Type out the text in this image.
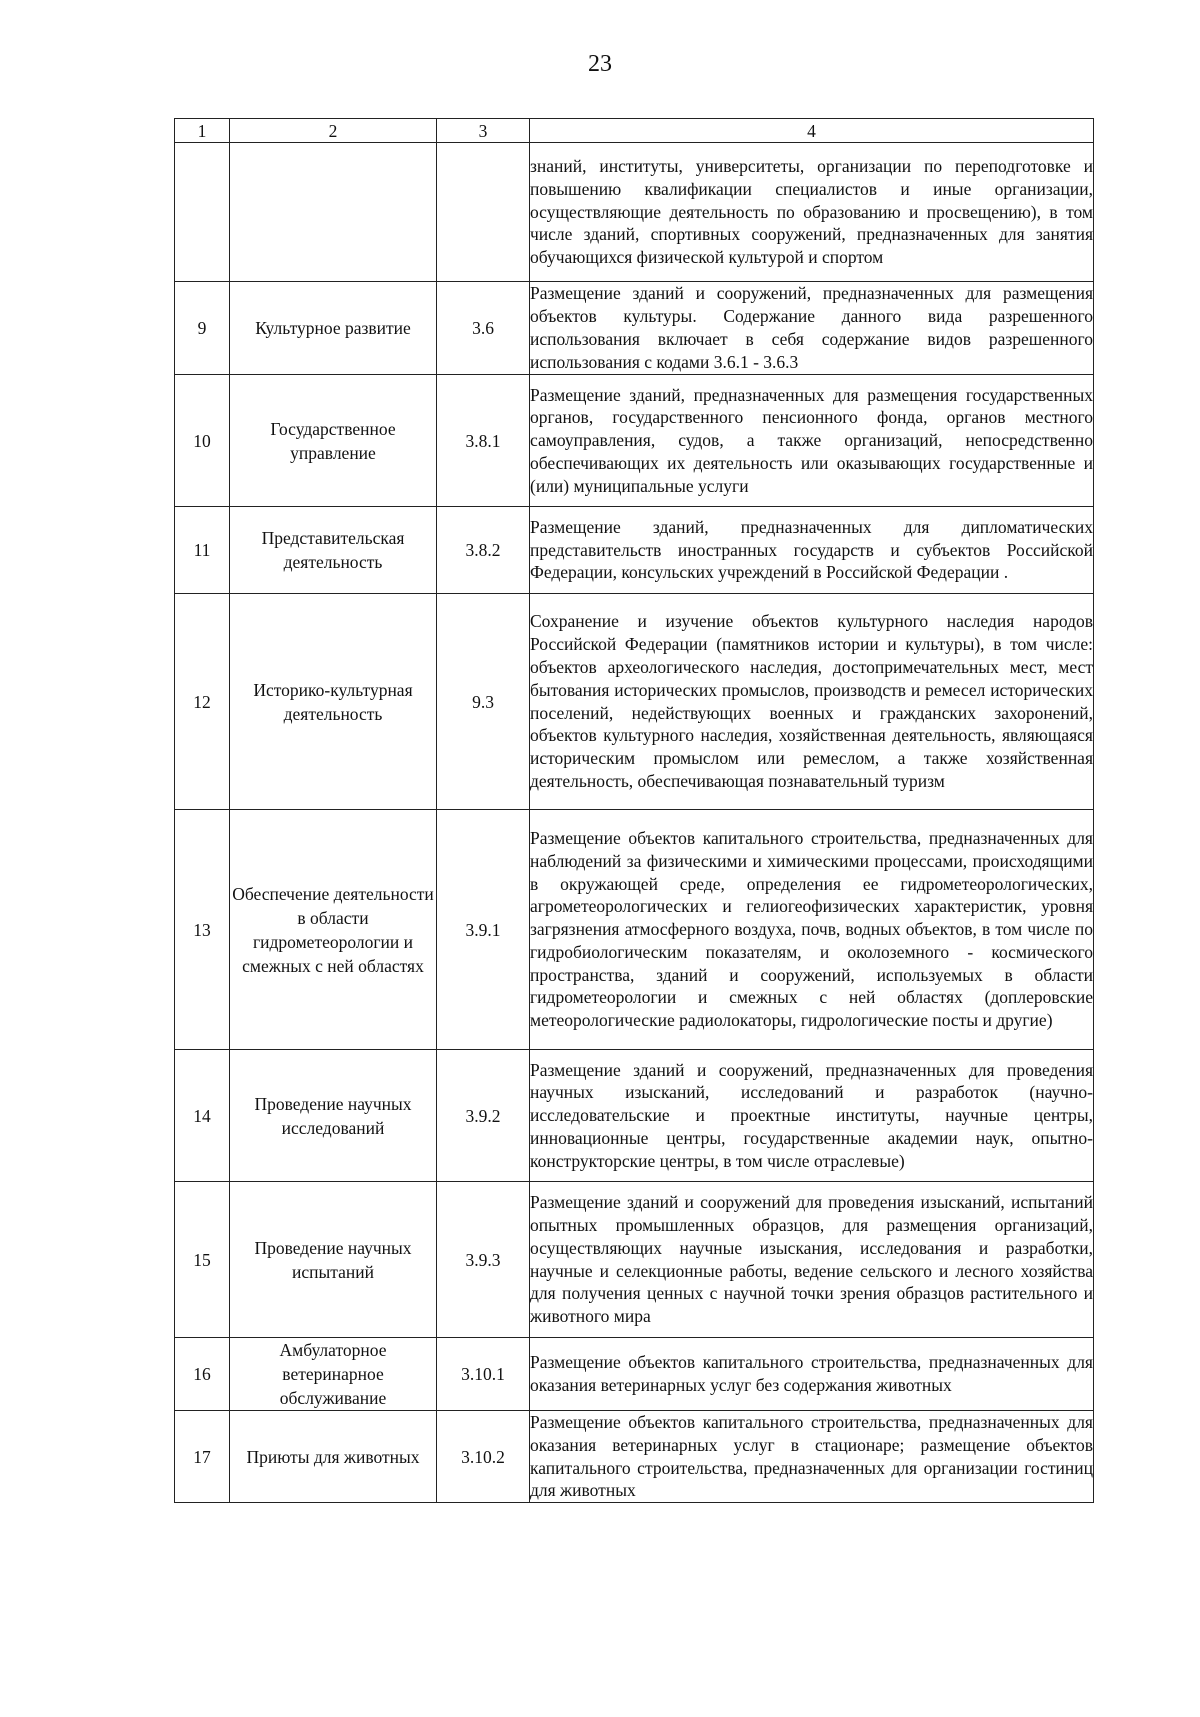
23
1	2	3	4

			знаний, институты, университеты, организации по переподготовке и повышению квалификации специалистов и иные организации, осуществляющие деятельность по образованию и просвещению), в том числе зданий, спортивных сооружений, предназначенных для занятия обучающихся физической культурой и спортом

9	Культурное развитие	3.6	Размещение зданий и сооружений, предназначенных для размещения объектов культуры. Содержание данного вида разрешенного использования включает в себя содержание видов разрешенного использования с кодами 3.6.1 - 3.6.3

10	Государственное управление	3.8.1	Размещение зданий, предназначенных для размещения государственных органов, государственного пенсионного фонда, органов местного самоуправления, судов, а также организаций, непосредственно обеспечивающих их деятельность или оказывающих государственные и (или) муниципальные услуги

11	Представительская деятельность	3.8.2	Размещение зданий, предназначенных для дипломатических представительств иностранных государств и субъектов Российской Федерации, консульских учреждений в Российской Федерации .

12	Историко-культурная деятельность	9.3	Сохранение и изучение объектов культурного наследия народов Российской Федерации (памятников истории и культуры), в том числе: объектов археологического наследия, достопримечательных мест, мест бытования исторических промыслов, производств и ремесел исторических поселений, недействующих военных и гражданских захоронений, объектов культурного наследия, хозяйственная деятельность, являющаяся историческим промыслом или ремеслом, а также хозяйственная деятельность, обеспечивающая познавательный туризм

13	Обеспечение деятельности в области гидрометеорологии и смежных с ней областях	3.9.1	Размещение объектов капитального строительства, предназначенных для наблюдений за физическими и химическими процессами, происходящими в окружающей среде, определения ее гидрометеорологических, агрометеорологических и гелиогеофизических характеристик, уровня загрязнения атмосферного воздуха, почв, водных объектов, в том числе по гидробиологическим показателям, и околоземного - космического пространства, зданий и сооружений, используемых в области гидрометеорологии и смежных с ней областях (доплеровские метеорологические радиолокаторы, гидрологические посты и другие)

14	Проведение научных исследований	3.9.2	Размещение зданий и сооружений, предназначенных для проведения научных изысканий, исследований и разработок (научно-исследовательские и проектные институты, научные центры, инновационные центры, государственные академии наук, опытно-конструкторские центры, в том числе отраслевые)

15	Проведение научных испытаний	3.9.3	Размещение зданий и сооружений для проведения изысканий, испытаний опытных промышленных образцов, для размещения организаций, осуществляющих научные изыскания, исследования и разработки, научные и селекционные работы, ведение сельского и лесного хозяйства для получения ценных с научной точки зрения образцов растительного и животного мира

16	Амбулаторное ветеринарное обслуживание	3.10.1	Размещение объектов капитального строительства, предназначенных для оказания ветеринарных услуг без содержания животных

17	Приюты для животных	3.10.2	Размещение объектов капитального строительства, предназначенных для оказания ветеринарных услуг в стационаре; размещение объектов капитального строительства, предназначенных для организации гостиниц для животных
